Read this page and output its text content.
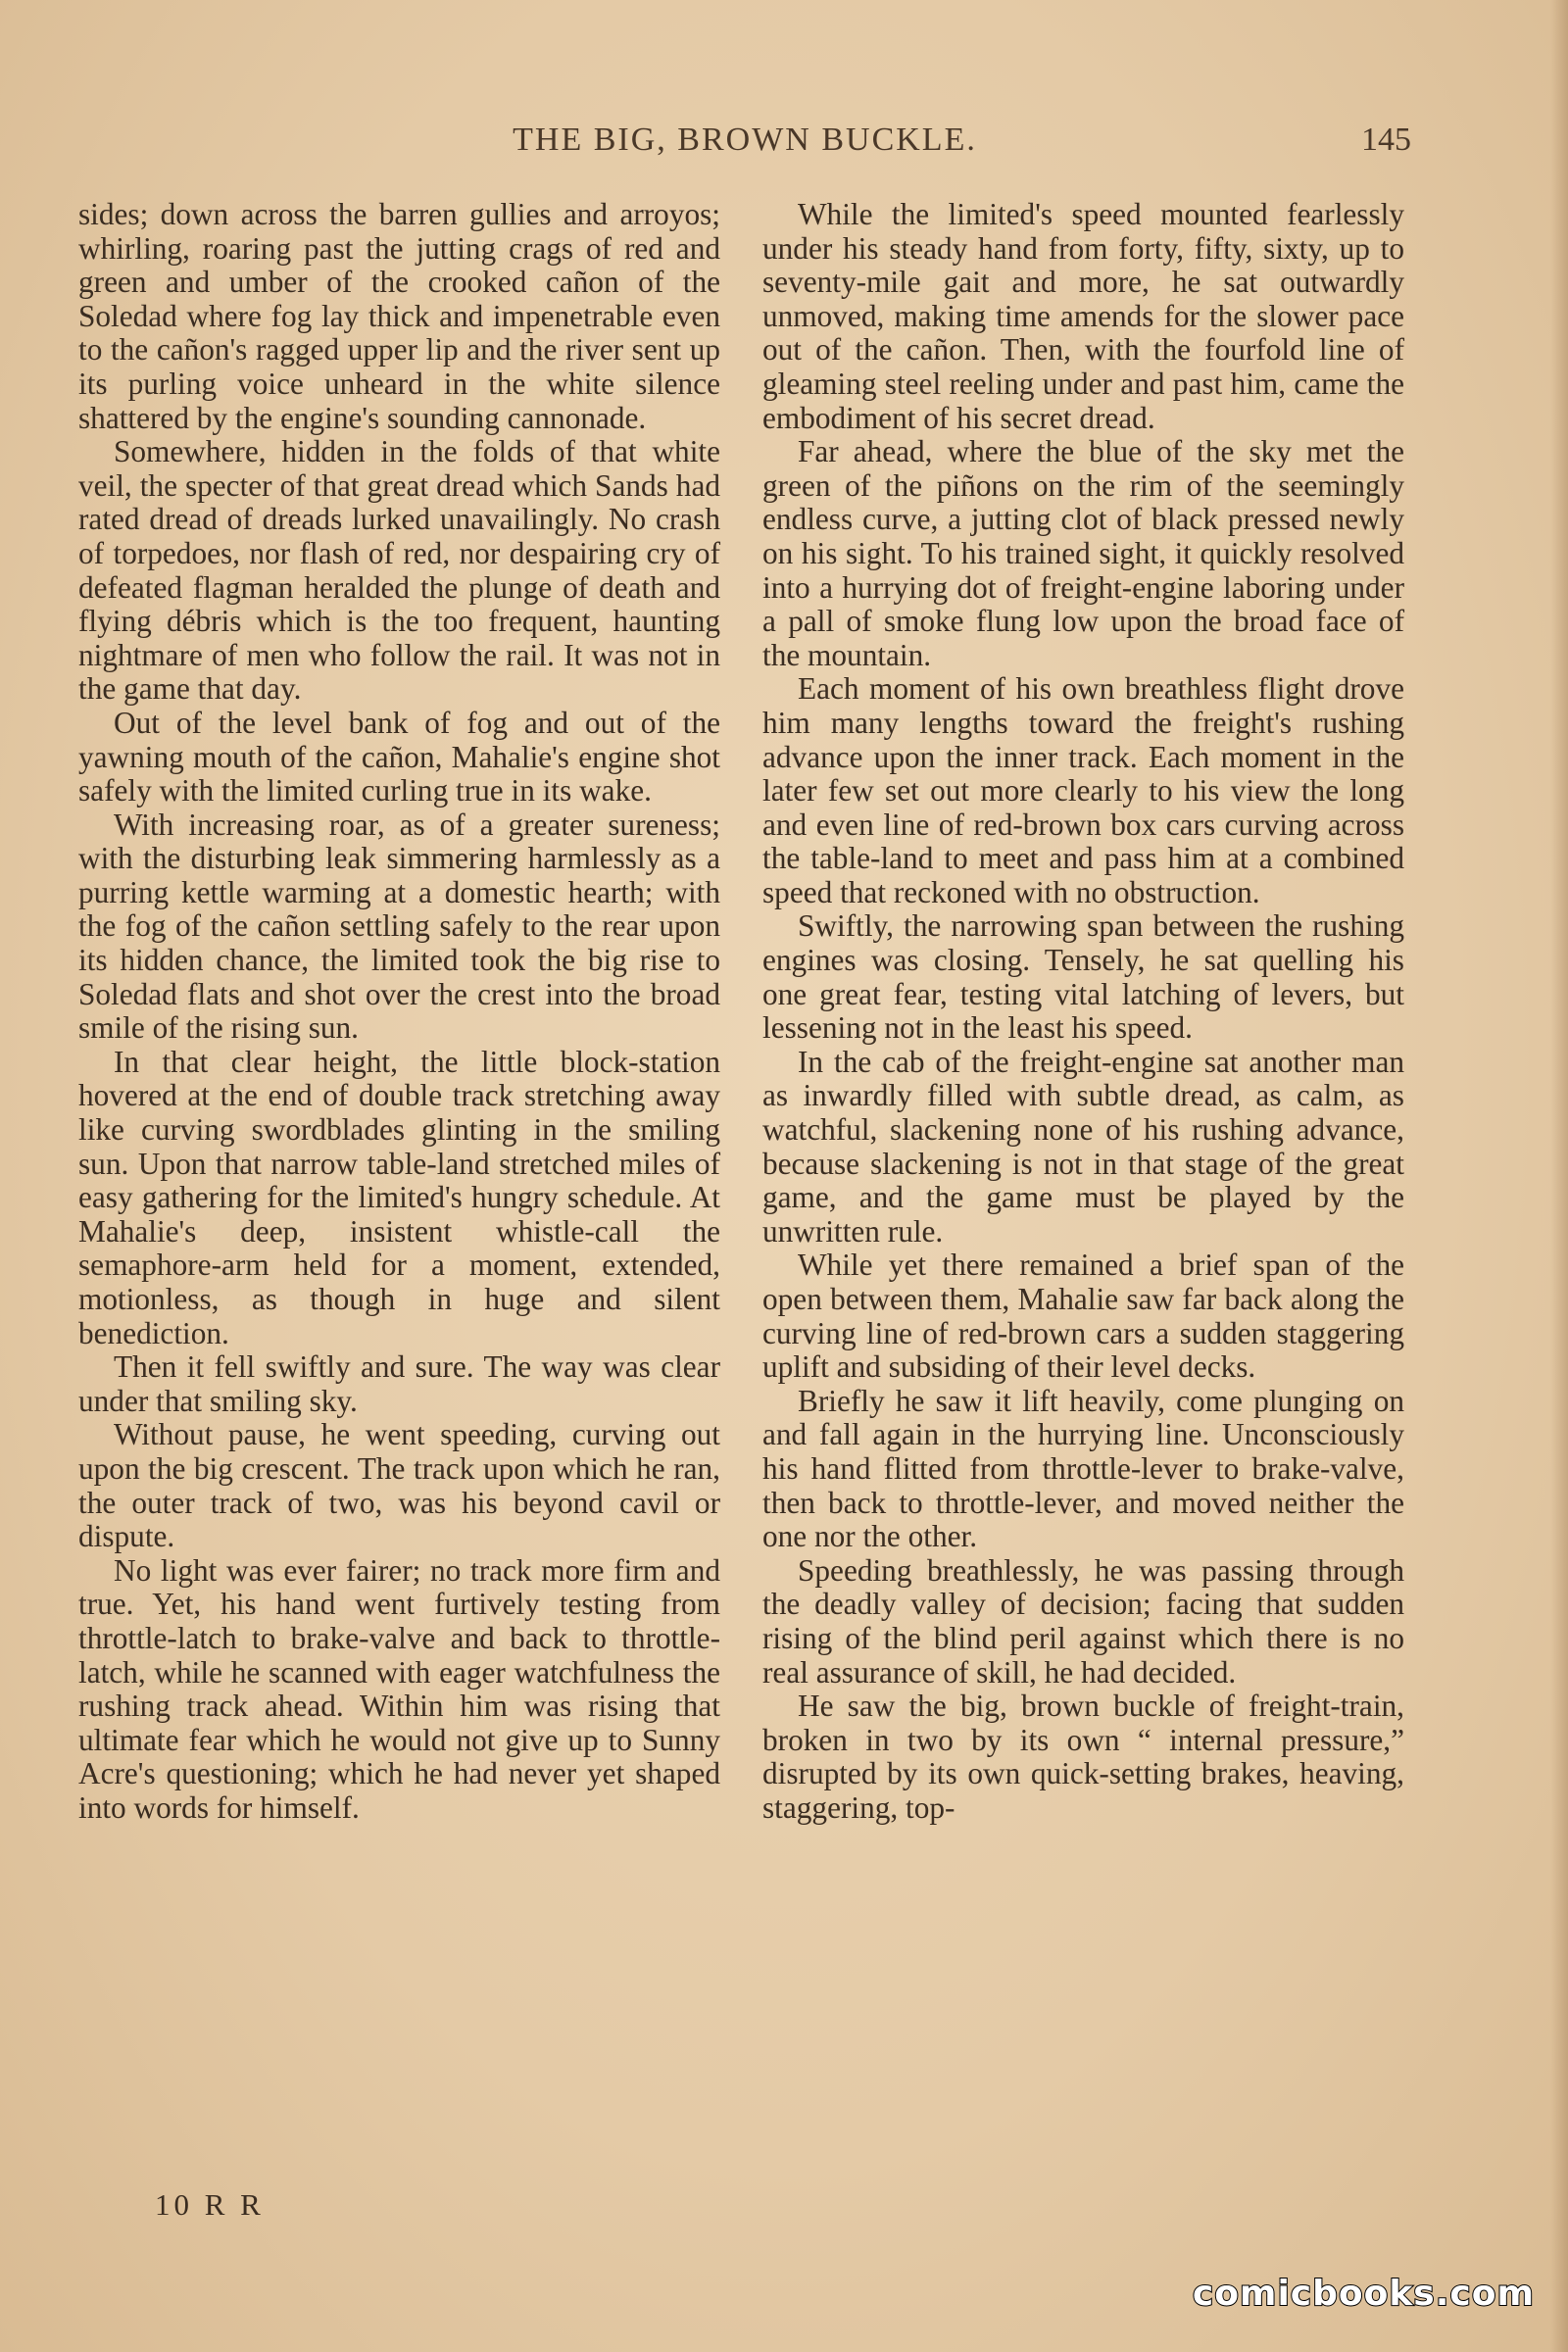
THE BIG, BROWN BUCKLE.	145

sides; down across the barren gullies and arroyos; whirling, roaring past the jutting crags of red and green and umber of the crooked cañon of the Soledad where fog lay thick and impenetrable even to the cañon's ragged upper lip and the river sent up its purling voice unheard in the white silence shattered by the engine's sounding cannonade.

Somewhere, hidden in the folds of that white veil, the specter of that great dread which Sands had rated dread of dreads lurked unavailingly. No crash of torpedoes, nor flash of red, nor despairing cry of defeated flagman heralded the plunge of death and flying débris which is the too frequent, haunting nightmare of men who follow the rail. It was not in the game that day.

Out of the level bank of fog and out of the yawning mouth of the cañon, Mahalie's engine shot safely with the limited curling true in its wake.

With increasing roar, as of a greater sureness; with the disturbing leak simmering harmlessly as a purring kettle warming at a domestic hearth; with the fog of the cañon settling safely to the rear upon its hidden chance, the limited took the big rise to Soledad flats and shot over the crest into the broad smile of the rising sun.

In that clear height, the little block-station hovered at the end of double track stretching away like curving swordblades glinting in the smiling sun. Upon that narrow table-land stretched miles of easy gathering for the limited's hungry schedule. At Mahalie's deep, insistent whistle-call the semaphore-arm held for a moment, extended, motionless, as though in huge and silent benediction.

Then it fell swiftly and sure. The way was clear under that smiling sky.

Without pause, he went speeding, curving out upon the big crescent. The track upon which he ran, the outer track of two, was his beyond cavil or dispute.

No light was ever fairer; no track more firm and true. Yet, his hand went furtively testing from throttle-latch to brake-valve and back to throttle-latch, while he scanned with eager watchfulness the rushing track ahead. Within him was rising that ultimate fear which he would not give up to Sunny Acre's questioning; which he had never yet shaped into words for himself.

10 R R

While the limited's speed mounted fearlessly under his steady hand from forty, fifty, sixty, up to seventy-mile gait and more, he sat outwardly unmoved, making time amends for the slower pace out of the cañon. Then, with the fourfold line of gleaming steel reeling under and past him, came the embodiment of his secret dread.

Far ahead, where the blue of the sky met the green of the piñons on the rim of the seemingly endless curve, a jutting clot of black pressed newly on his sight. To his trained sight, it quickly resolved into a hurrying dot of freight-engine laboring under a pall of smoke flung low upon the broad face of the mountain.

Each moment of his own breathless flight drove him many lengths toward the freight's rushing advance upon the inner track. Each moment in the later few set out more clearly to his view the long and even line of red-brown box cars curving across the table-land to meet and pass him at a combined speed that reckoned with no obstruction.

Swiftly, the narrowing span between the rushing engines was closing. Tensely, he sat quelling his one great fear, testing vital latching of levers, but lessening not in the least his speed.

In the cab of the freight-engine sat another man as inwardly filled with subtle dread, as calm, as watchful, slackening none of his rushing advance, because slackening is not in that stage of the great game, and the game must be played by the unwritten rule.

While yet there remained a brief span of the open between them, Mahalie saw far back along the curving line of red-brown cars a sudden staggering uplift and subsiding of their level decks.

Briefly he saw it lift heavily, come plunging on and fall again in the hurrying line. Unconsciously his hand flitted from throttle-lever to brake-valve, then back to throttle-lever, and moved neither the one nor the other.

Speeding breathlessly, he was passing through the deadly valley of decision; facing that sudden rising of the blind peril against which there is no real assurance of skill, he had decided.

He saw the big, brown buckle of freight-train, broken in two by its own “ internal pressure,” disrupted by its own quick-setting brakes, heaving, staggering, top-

comicbooks.com
